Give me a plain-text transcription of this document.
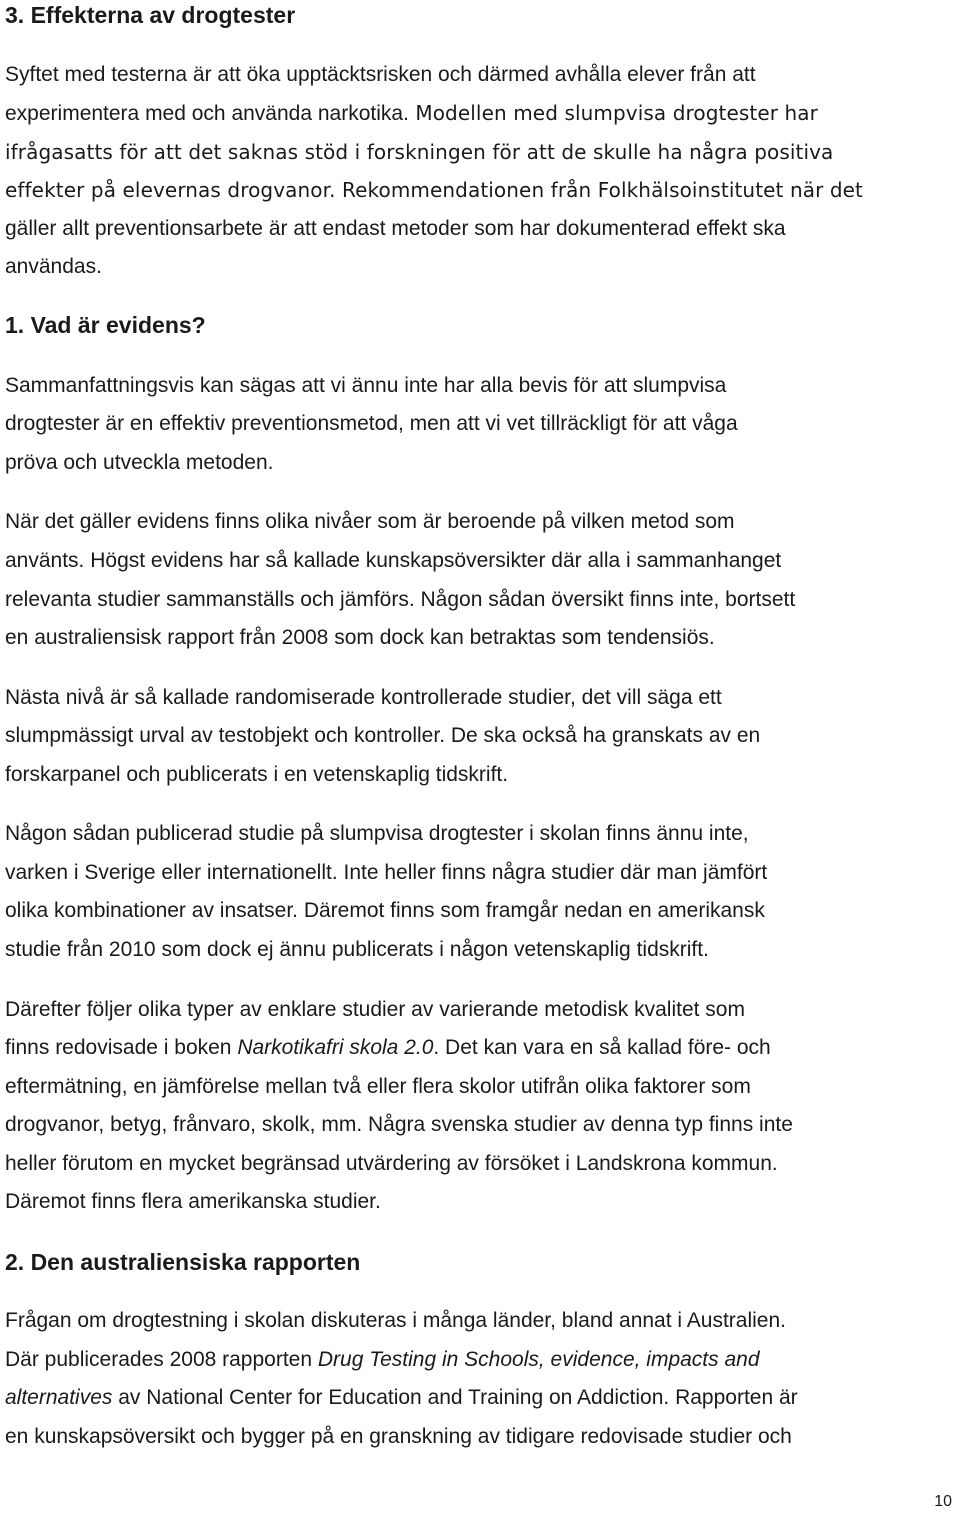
3. Effekterna av drogtester
Syftet med testerna är att öka upptäcktsrisken och därmed avhålla elever från att
experimentera med och använda narkotika. Modellen med slumpvisa drogtester har
ifrågasatts för att det saknas stöd i forskningen för att de skulle ha några positiva
effekter på elevernas drogvanor. Rekommendationen från Folkhälsoinstitutet när det
gäller allt preventionsarbete är att endast metoder som har dokumenterad effekt ska
användas.
1. Vad är evidens?
Sammanfattningsvis kan sägas att vi ännu inte har alla bevis för att slumpvisa
drogtester är en effektiv preventionsmetod, men att vi vet tillräckligt för att våga
pröva och utveckla metoden.
När det gäller evidens finns olika nivåer som är beroende på vilken metod som
använts. Högst evidens har så kallade kunskapsöversikter där alla i sammanhanget
relevanta studier sammanställs och jämförs. Någon sådan översikt finns inte, bortsett
en australiensisk rapport från 2008 som dock kan betraktas som tendensiös.
Nästa nivå är så kallade randomiserade kontrollerade studier, det vill säga ett
slumpmässigt urval av testobjekt och kontroller. De ska också ha granskats av en
forskarpanel och publicerats i en vetenskaplig tidskrift.
Någon sådan publicerad studie på slumpvisa drogtester i skolan finns ännu inte,
varken i Sverige eller internationellt. Inte heller finns några studier där man jämfört
olika kombinationer av insatser. Däremot finns som framgår nedan en amerikansk
studie från 2010 som dock ej ännu publicerats i någon vetenskaplig tidskrift.
Därefter följer olika typer av enklare studier av varierande metodisk kvalitet som
finns redovisade i boken Narkotikafri skola 2.0. Det kan vara en så kallad före- och
eftermätning, en jämförelse mellan två eller flera skolor utifrån olika faktorer som
drogvanor, betyg, frånvaro, skolk, mm. Några svenska studier av denna typ finns inte
heller förutom en mycket begränsad utvärdering av försöket i Landskrona kommun.
Däremot finns flera amerikanska studier.
2. Den australiensiska rapporten
Frågan om drogtestning i skolan diskuteras i många länder, bland annat i Australien.
Där publicerades 2008 rapporten Drug Testing in Schools, evidence, impacts and
alternatives av National Center for Education and Training on Addiction. Rapporten är
en kunskapsöversikt och bygger på en granskning av tidigare redovisade studier och
10
